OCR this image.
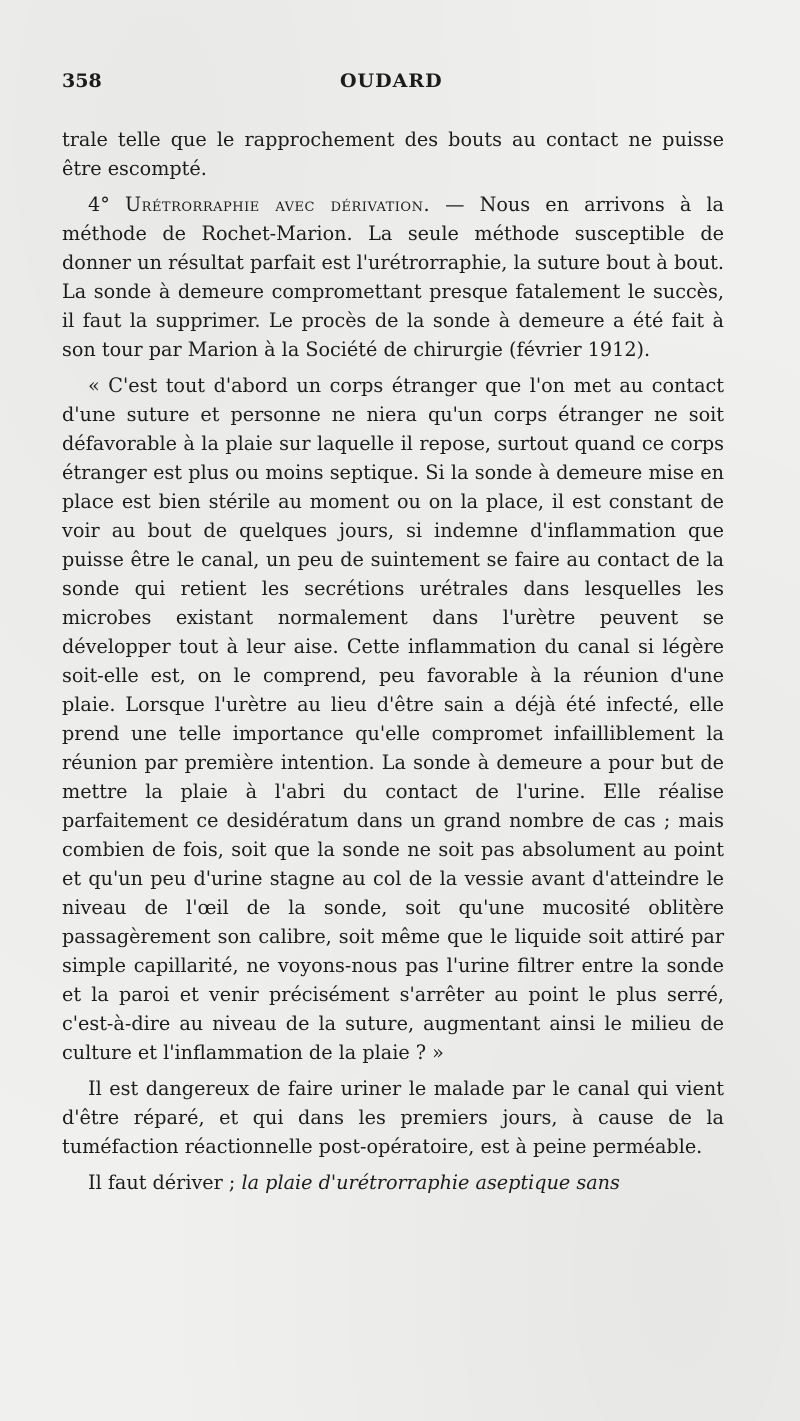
358	OUDARD

trale telle que le rapprochement des bouts au contact ne puisse être escompté.

4° Urétrorraphie avec dérivation. — Nous en arrivons à la méthode de Rochet-Marion. La seule méthode susceptible de donner un résultat parfait est l'urétrorraphie, la suture bout à bout. La sonde à demeure compromettant presque fatalement le succès, il faut la supprimer. Le procès de la sonde à demeure a été fait à son tour par Marion à la Société de chirurgie (février 1912).

« C'est tout d'abord un corps étranger que l'on met au contact d'une suture et personne ne niera qu'un corps étranger ne soit défavorable à la plaie sur laquelle il repose, surtout quand ce corps étranger est plus ou moins septique. Si la sonde à demeure mise en place est bien stérile au moment ou on la place, il est constant de voir au bout de quelques jours, si indemne d'inflammation que puisse être le canal, un peu de suintement se faire au contact de la sonde qui retient les secrétions urétrales dans lesquelles les microbes existant normalement dans l'urètre peuvent se développer tout à leur aise. Cette inflammation du canal si légère soit-elle est, on le comprend, peu favorable à la réunion d'une plaie. Lorsque l'urètre au lieu d'être sain a déjà été infecté, elle prend une telle importance qu'elle compromet infailliblement la réunion par première intention. La sonde à demeure a pour but de mettre la plaie à l'abri du contact de l'urine. Elle réalise parfaitement ce desidératum dans un grand nombre de cas ; mais combien de fois, soit que la sonde ne soit pas absolument au point et qu'un peu d'urine stagne au col de la vessie avant d'atteindre le niveau de l'œil de la sonde, soit qu'une mucosité oblitère passagèrement son calibre, soit même que le liquide soit attiré par simple capillarité, ne voyons-nous pas l'urine filtrer entre la sonde et la paroi et venir précisément s'arrêter au point le plus serré, c'est-à-dire au niveau de la suture, augmentant ainsi le milieu de culture et l'inflammation de la plaie ? »

Il est dangereux de faire uriner le malade par le canal qui vient d'être réparé, et qui dans les premiers jours, à cause de la tuméfaction réactionnelle post-opératoire, est à peine perméable.

Il faut dériver ; la plaie d'urétrorraphie aseptique sans
